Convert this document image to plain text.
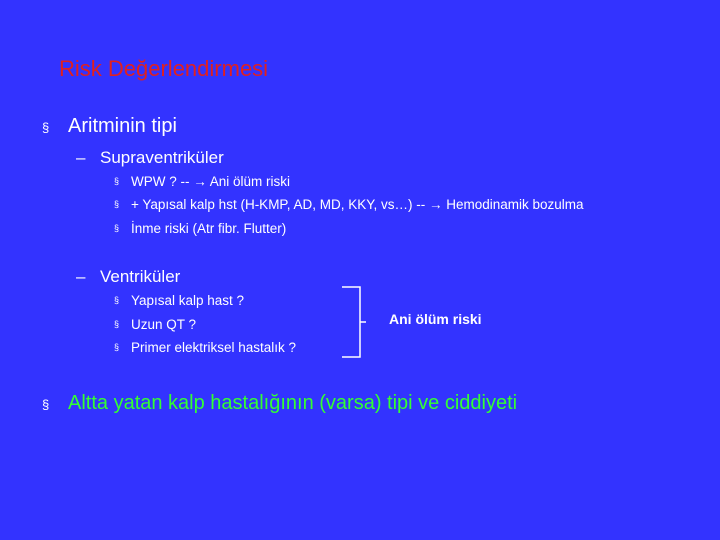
Risk Değerlendirmesi
§ Aritminin tipi
– Supraventriküler
§ WPW ? -- → Ani ölüm riski
§ + Yapısal kalp hst (H-KMP, AD, MD, KKY, vs…) -- → Hemodinamik bozulma
§ İnme riski (Atr fibr. Flutter)
– Ventriküler
§ Yapısal kalp hast ?
§ Uzun QT ?
§ Primer elektriksel hastalık ?
Ani ölüm riski
§ Altta yatan kalp hastalığının (varsa) tipi ve ciddiyeti
